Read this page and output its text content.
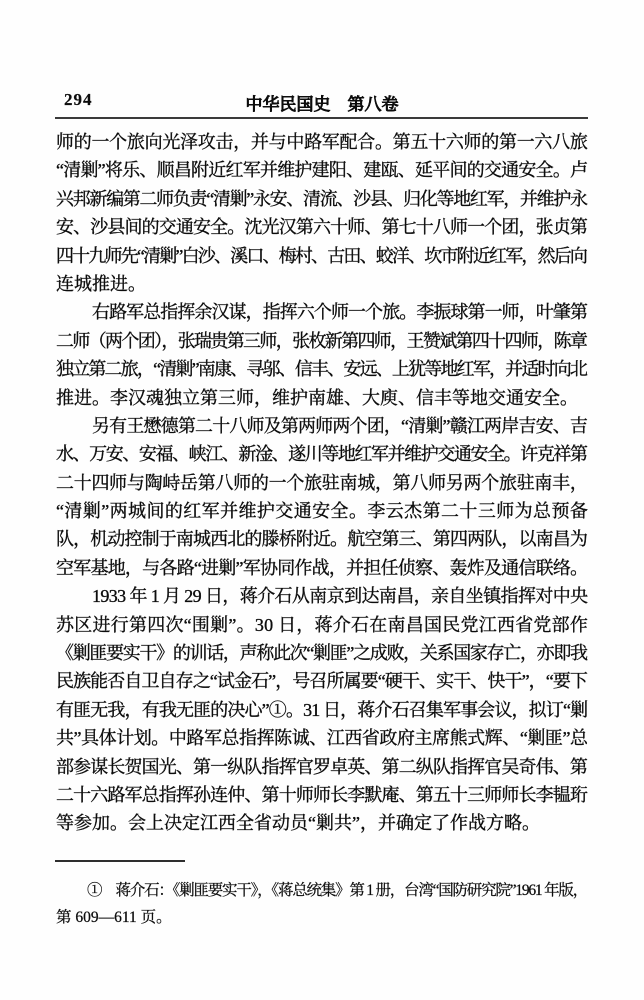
294	中华民国史　第八卷
师的一个旅向光泽攻击，并与中路军配合。第五十六师的第一六八旅
“清剿”将乐、顺昌附近红军并维护建阳、建瓯、延平间的交通安全。卢
兴邦新编第二师负责“清剿”永安、清流、沙县、归化等地红军，并维护永
安、沙县间的交通安全。沈光汉第六十师、第七十八师一个团，张贞第
四十九师先“清剿”白沙、溪口、梅村、古田、蛟洋、坎市附近红军，然后向
连城推进。
右路军总指挥余汉谋，指挥六个师一个旅。李振球第一师，叶肇第
二师（两个团），张瑞贵第三师，张枚新第四师，王赞斌第四十四师，陈章
独立第二旅，“清剿”南康、寻邬、信丰、安远、上犹等地红军，并适时向北
推进。李汉魂独立第三师，维护南雄、大庾、信丰等地交通安全。
另有王懋德第二十八师及第两师两个团，“清剿”赣江两岸吉安、吉
水、万安、安福、峡江、新淦、遂川等地红军并维护交通安全。许克祥第
二十四师与陶峙岳第八师的一个旅驻南城，第八师另两个旅驻南丰，
“清剿”两城间的红军并维护交通安全。李云杰第二十三师为总预备
队，机动控制于南城西北的滕桥附近。航空第三、第四两队，以南昌为
空军基地，与各路“进剿”军协同作战，并担任侦察、轰炸及通信联络。
1933 年 1 月 29 日，蒋介石从南京到达南昌，亲自坐镇指挥对中央
苏区进行第四次“围剿”。30 日，蒋介石在南昌国民党江西省党部作
《剿匪要实干》的训话，声称此次“剿匪”之成败，关系国家存亡，亦即我
民族能否自卫自存之“试金石”，号召所属要“硬干、实干、快干”，“要下
有匪无我，有我无匪的决心”①。31 日，蒋介石召集军事会议，拟订“剿
共”具体计划。中路军总指挥陈诚、江西省政府主席熊式辉、“剿匪”总
部参谋长贺国光、第一纵队指挥官罗卓英、第二纵队指挥官吴奇伟、第
二十六路军总指挥孙连仲、第十师师长李默庵、第五十三师师长李韫珩
等参加。会上决定江西全省动员“剿共”，并确定了作战方略。
①　蒋介石：《剿匪要实干》，《蒋总统集》第 1 册，台湾“国防研究院”1961 年版，
第 609—611 页。
